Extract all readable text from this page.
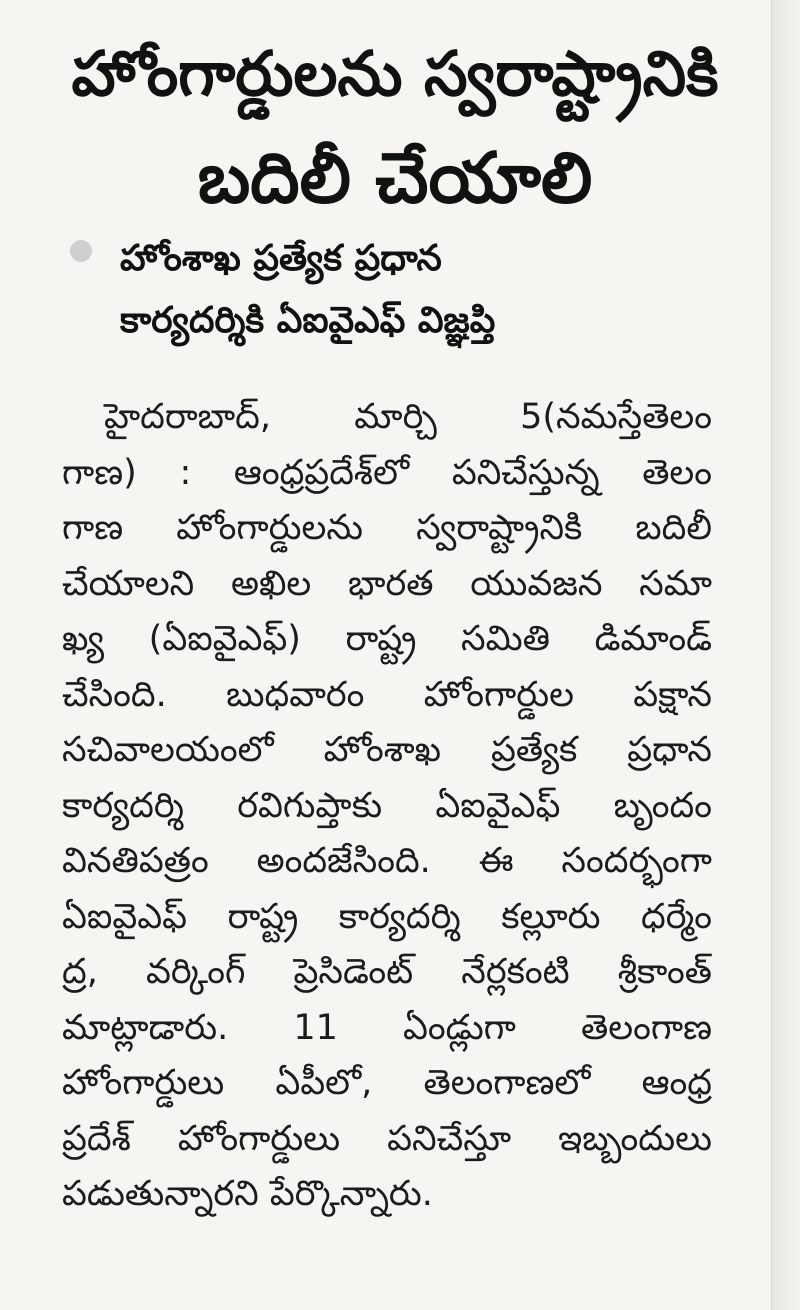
హోంగార్డులను స్వరాష్ట్రానికి
బదిలీ చేయాలి
హోంశాఖ ప్రత్యేక ప్రధాన
కార్యదర్శికి ఏఐవైఎఫ్ విజ్ఞప్తి
హైదరాబాద్, మార్చి 5(నమస్తేతెలం
గాణ) : ఆంధ్రప్రదేశ్‌లో పనిచేస్తున్న తెలం
గాణ హోంగార్డులను స్వరాష్ట్రానికి బదిలీ
చేయాలని అఖిల భారత యువజన సమా
ఖ్య (ఏఐవైఎఫ్) రాష్ట్ర సమితి డిమాండ్
చేసింది. బుధవారం హోంగార్డుల పక్షాన
సచివాలయంలో హోంశాఖ ప్రత్యేక ప్రధాన
కార్యదర్శి రవిగుప్తాకు ఏఐవైఎఫ్ బృందం
వినతిపత్రం అందజేసింది. ఈ సందర్భంగా
ఏఐవైఎఫ్ రాష్ట్ర కార్యదర్శి కల్లూరు ధర్మేం
ద్ర, వర్కింగ్ ప్రెసిడెంట్ నేర్లకంటి శ్రీకాంత్
మాట్లాడారు. 11 ఏండ్లుగా తెలంగాణ
హోంగార్డులు ఏపీలో, తెలంగాణలో ఆంధ్ర
ప్రదేశ్ హోంగార్డులు పనిచేస్తూ ఇబ్బందులు
పడుతున్నారని పేర్కొన్నారు.
